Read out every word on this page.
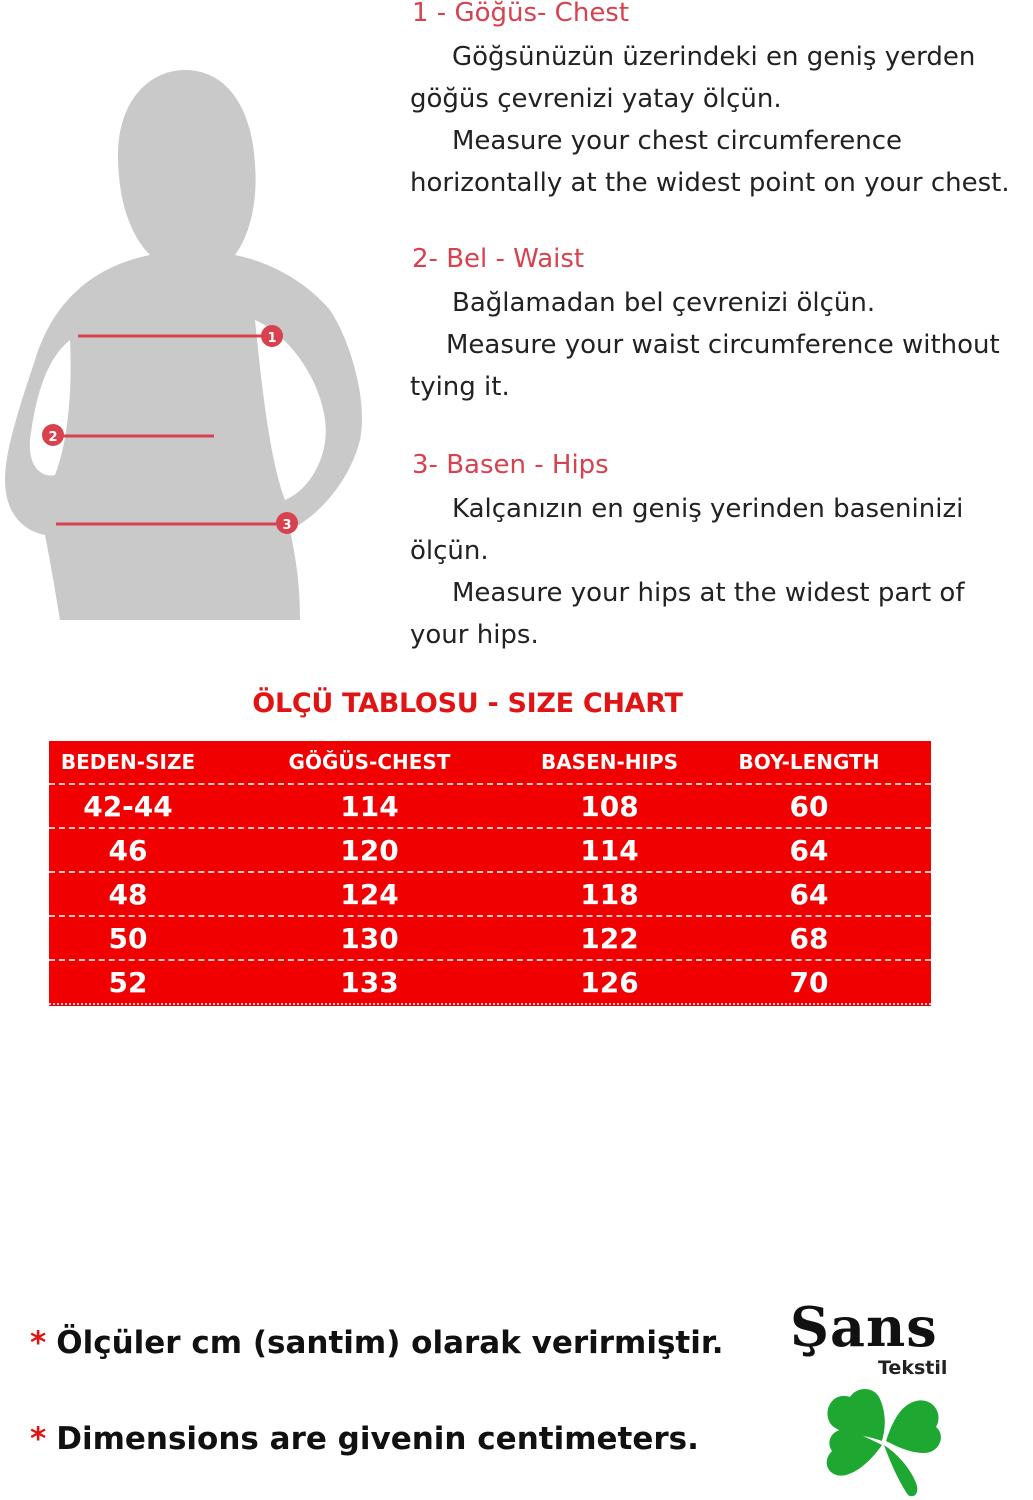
1
2
3

1 - Göğüs- Chest

Göğsünüzün üzerindeki en geniş yerden

göğüs çevrenizi yatay ölçün.

Measure your chest circumference

horizontally at the widest point on your chest.

2- Bel - Waist

Bağlamadan bel çevrenizi ölçün.

Measure your waist circumference without

tying it.

3- Basen - Hips

Kalçanızın en geniş yerinden baseninizi

ölçün.

Measure your hips at the widest part of

your hips.

ÖLÇÜ TABLOSU - SIZE CHART
BEDEN-SIZE	GÖĞÜS-CHEST	BASEN-HIPS	BOY-LENGTH
42-44	114	108	60
46	120	114	64
48	124	118	64
50	130	122	68
52	133	126	70
* Ölçüler cm (santim) olarak verirmiştir.
* Dimensions are givenin centimeters.
Şans
Tekstil
